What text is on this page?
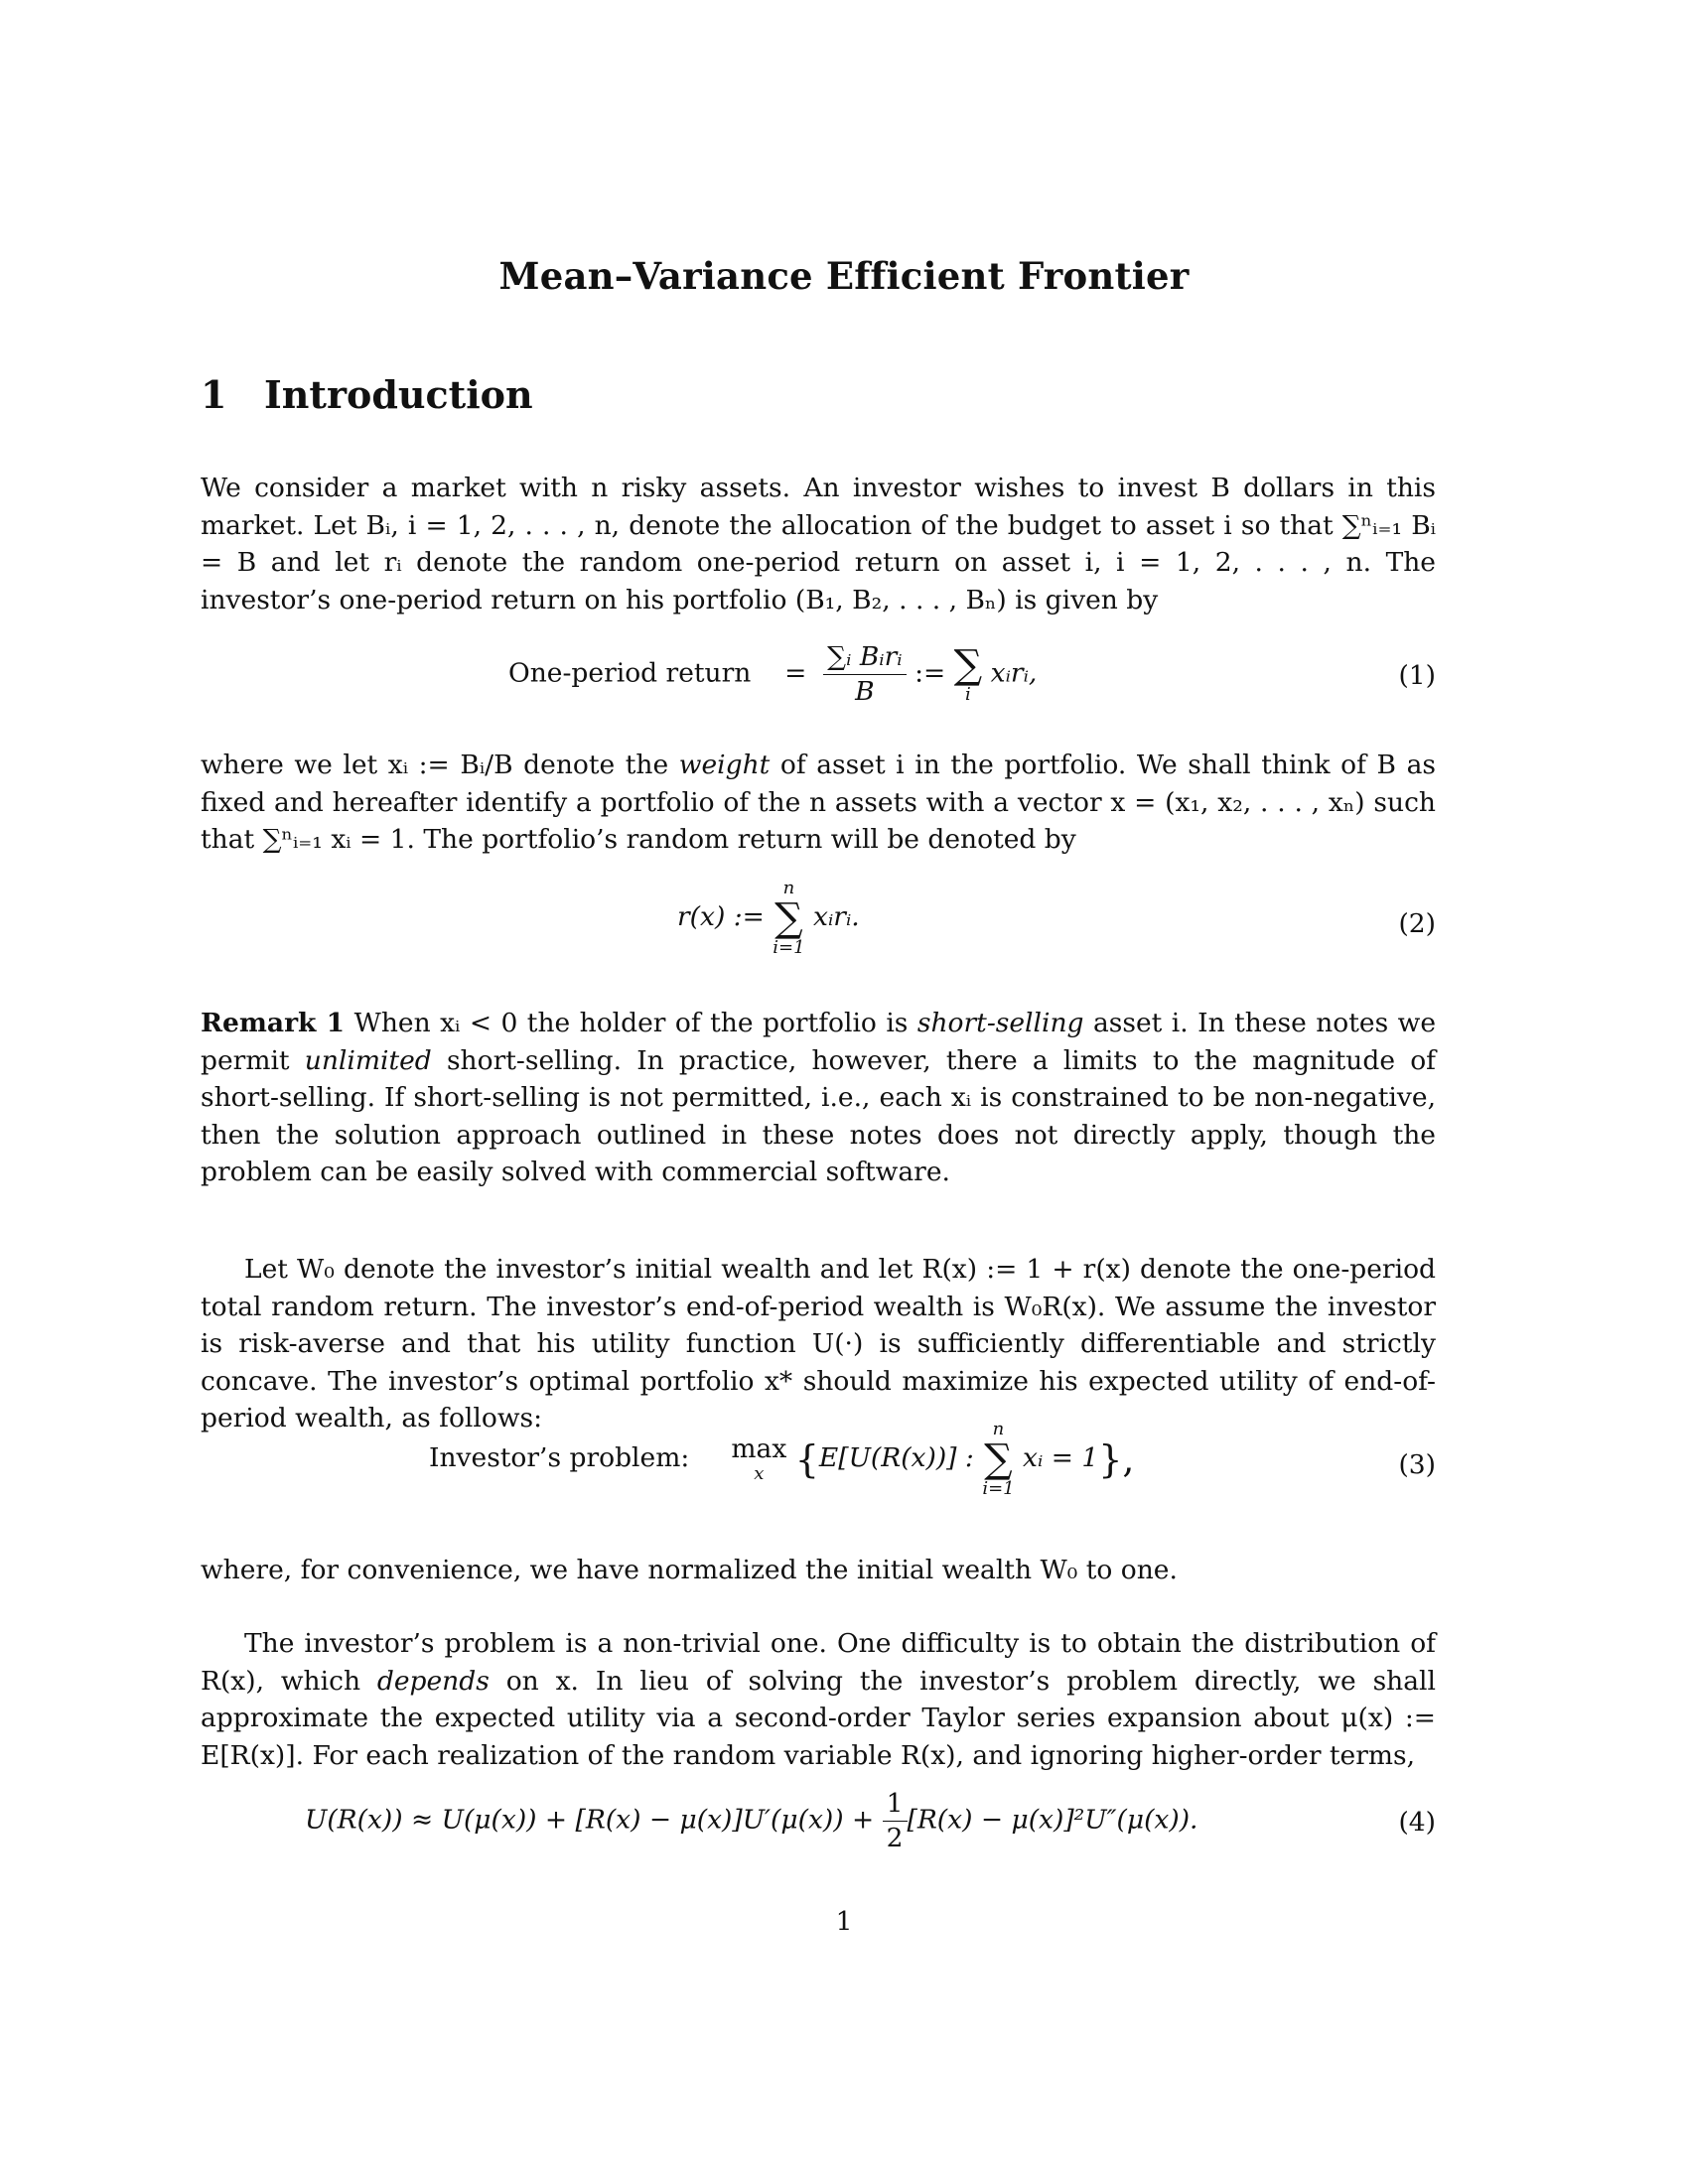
Mean–Variance Efficient Frontier
1 Introduction
We consider a market with n risky assets. An investor wishes to invest B dollars in this market. Let Bᵢ, i = 1, 2, . . . , n, denote the allocation of the budget to asset i so that ∑ⁿᵢ₌₁ Bᵢ = B and let rᵢ denote the random one-period return on asset i, i = 1, 2, . . . , n. The investor’s one-period return on his portfolio (B₁, B₂, . . . , Bₙ) is given by
One-period return = $\frac{\text{∑ᵢ Bᵢrᵢ}}{B}$ := ∑
i
xᵢrᵢ,	(1)
where we let xᵢ := Bᵢ/B denote the weight of asset i in the portfolio. We shall think of B as fixed and hereafter identify a portfolio of the n assets with a vector x = (x₁, x₂, . . . , xₙ) such that ∑ⁿᵢ₌₁ xᵢ = 1. The portfolio’s random return will be denoted by
r(x) :=
n
∑
i=1
xᵢrᵢ.	(2)
Remark 1 When xᵢ < 0 the holder of the portfolio is short-selling asset i. In these notes we permit unlimited short-selling. In practice, however, there a limits to the magnitude of short-selling. If short-selling is not permitted, i.e., each xᵢ is constrained to be non-negative, then the solution approach outlined in these notes does not directly apply, though the problem can be easily solved with commercial software.
Let W₀ denote the investor’s initial wealth and let R(x) := 1 + r(x) denote the one-period total random return. The investor’s end-of-period wealth is W₀R(x). We assume the investor is risk-averse and that his utility function U(·) is sufficiently differentiable and strictly concave. The investor’s optimal portfolio x* should maximize his expected utility of end-of-period wealth, as follows:
Investor’s problem: max
x {E[U(R(x))] :
n
∑
i=1
xᵢ = 1},	(3)
where, for convenience, we have normalized the initial wealth W₀ to one.
The investor’s problem is a non-trivial one. One difficulty is to obtain the distribution of R(x), which depends on x. In lieu of solving the investor’s problem directly, we shall approximate the expected utility via a second-order Taylor series expansion about μ(x) := E[R(x)]. For each realization of the random variable R(x), and ignoring higher-order terms,
$U(R(x)) \approx U(\mu(x)) + [R(x) - \mu(x)]U'(\mu(x)) + \frac{1}{2} [R(x) - \mu(x)]^2U''(\mu(x))$.	(4)
1
